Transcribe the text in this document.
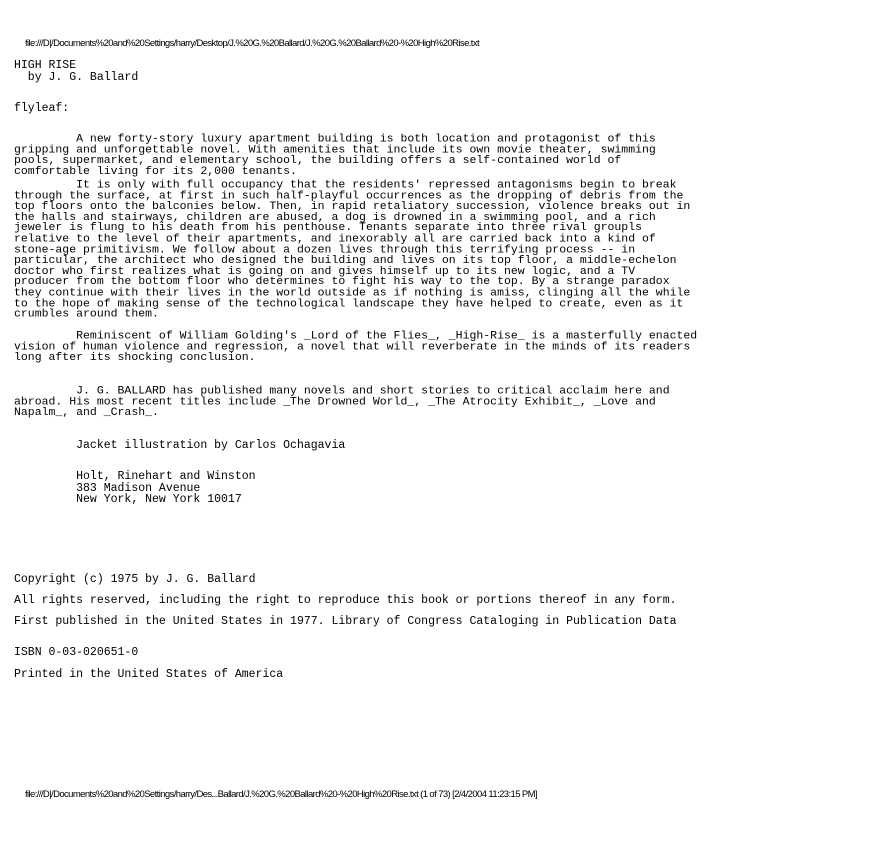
file:///D|/Documents%20and%20Settings/harry/Desktop/J.%20G.%20Ballard/J.%20G.%20Ballard%20-%20High%20Rise.txt
HIGH RISE
by J. G. Ballard
flyleaf:
A new forty-story luxury apartment building is both location and protagonist of this
gripping and unforgettable novel. With amenities that include its own movie theater, swimming
pools, supermarket, and elementary school, the building offers a self-contained world of
comfortable living for its 2,000 tenants.
It is only with full occupancy that the residents' repressed antagonisms begin to break
through the surface, at first in such half-playful occurrences as the dropping of debris from the
top floors onto the balconies below. Then, in rapid retaliatory succession, violence breaks out in
the halls and stairways, children are abused, a dog is drowned in a swimming pool, and a rich
jeweler is flung to his death from his penthouse. Tenants separate into three rival groupls
relative to the level of their apartments, and inexorably all are carried back into a kind of
stone-age primitivism. We follow about a dozen lives through this terrifying process -- in
particular, the architect who designed the building and lives on its top floor, a middle-echelon
doctor who first realizes what is going on and gives himself up to its new logic, and a TV
producer from the bottom floor who determines to fight his way to the top. By a strange paradox
they continue with their lives in the world outside as if nothing is amiss, clinging all the while
to the hope of making sense of the technological landscape they have helped to create, even as it
crumbles around them.
Reminiscent of William Golding's _Lord of the Flies_, _High-Rise_ is a masterfully enacted
vision of human violence and regression, a novel that will reverberate in the minds of its readers
long after its shocking conclusion.
J. G. BALLARD has published many novels and short stories to critical acclaim here and
abroad. His most recent titles include _The Drowned World_, _The Atrocity Exhibit_, _Love and
Napalm_, and _Crash_.
Jacket illustration by Carlos Ochagavia
Holt, Rinehart and Winston
383 Madison Avenue
New York, New York 10017
Copyright (c) 1975 by J. G. Ballard
All rights reserved, including the right to reproduce this book or portions thereof in any form.
First published in the United States in 1977. Library of Congress Cataloging in Publication Data
ISBN 0-03-020651-0
Printed in the United States of America
file:///D|/Documents%20and%20Settings/harry/Des...Ballard/J.%20G.%20Ballard%20-%20High%20Rise.txt (1 of 73) [2/4/2004 11:23:15 PM]
